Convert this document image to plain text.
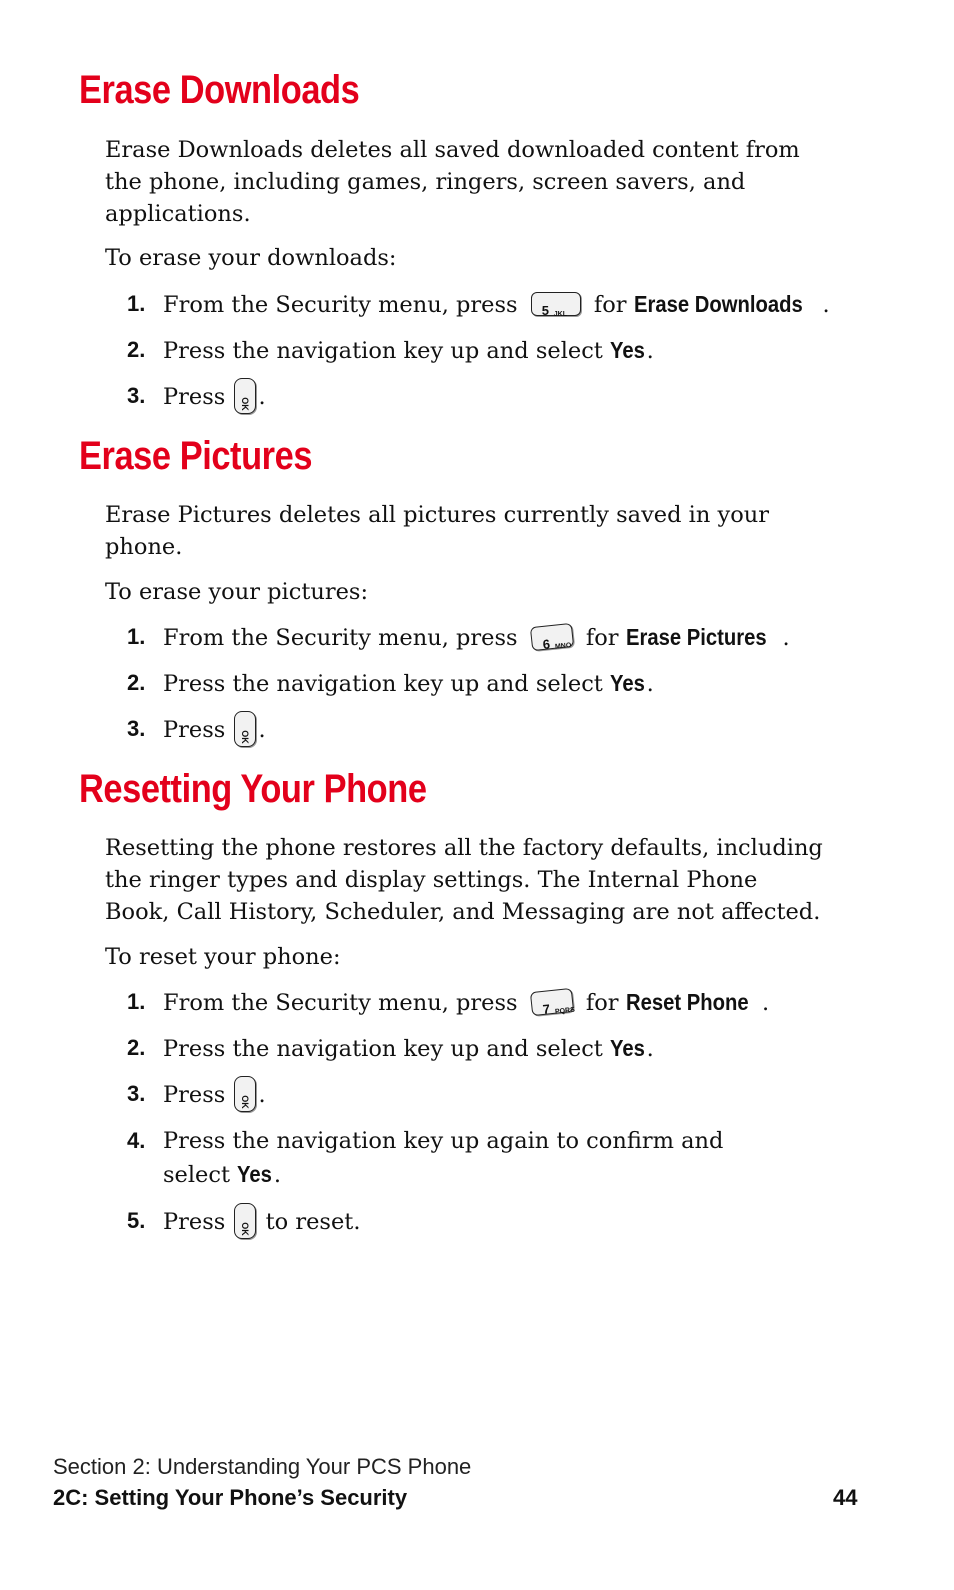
Erase Downloads

Erase Downloads deletes all saved downloaded content from the phone, including games, ringers, screen savers, and applications.

To erase your downloads:

1. From the Security menu, press 5 JKL for Erase Downloads .
2. Press the navigation key up and select Yes.
3. Press	OK .
Erase Pictures

Erase Pictures deletes all pictures currently saved in your phone.

To erase your pictures:

1. From the Security menu, press 6 MNO for Erase Pictures .
2. Press the navigation key up and select Yes.
3. Press	OK .
Resetting Your Phone

Resetting the phone restores all the factory defaults, including the ringer types and display settings. The Internal Phone Book, Call History, Scheduler, and Messaging are not affected.

To reset your phone:

1. From the Security menu, press 7 PQRS for Reset Phone .
2. Press the navigation key up and select Yes.
3. Press	OK .
4. Press the navigation key up again to confirm and
select Yes.
5. Press	OK to reset.
Section 2: Understanding Your PCS Phone
2C: Setting Your Phone’s Security	44
